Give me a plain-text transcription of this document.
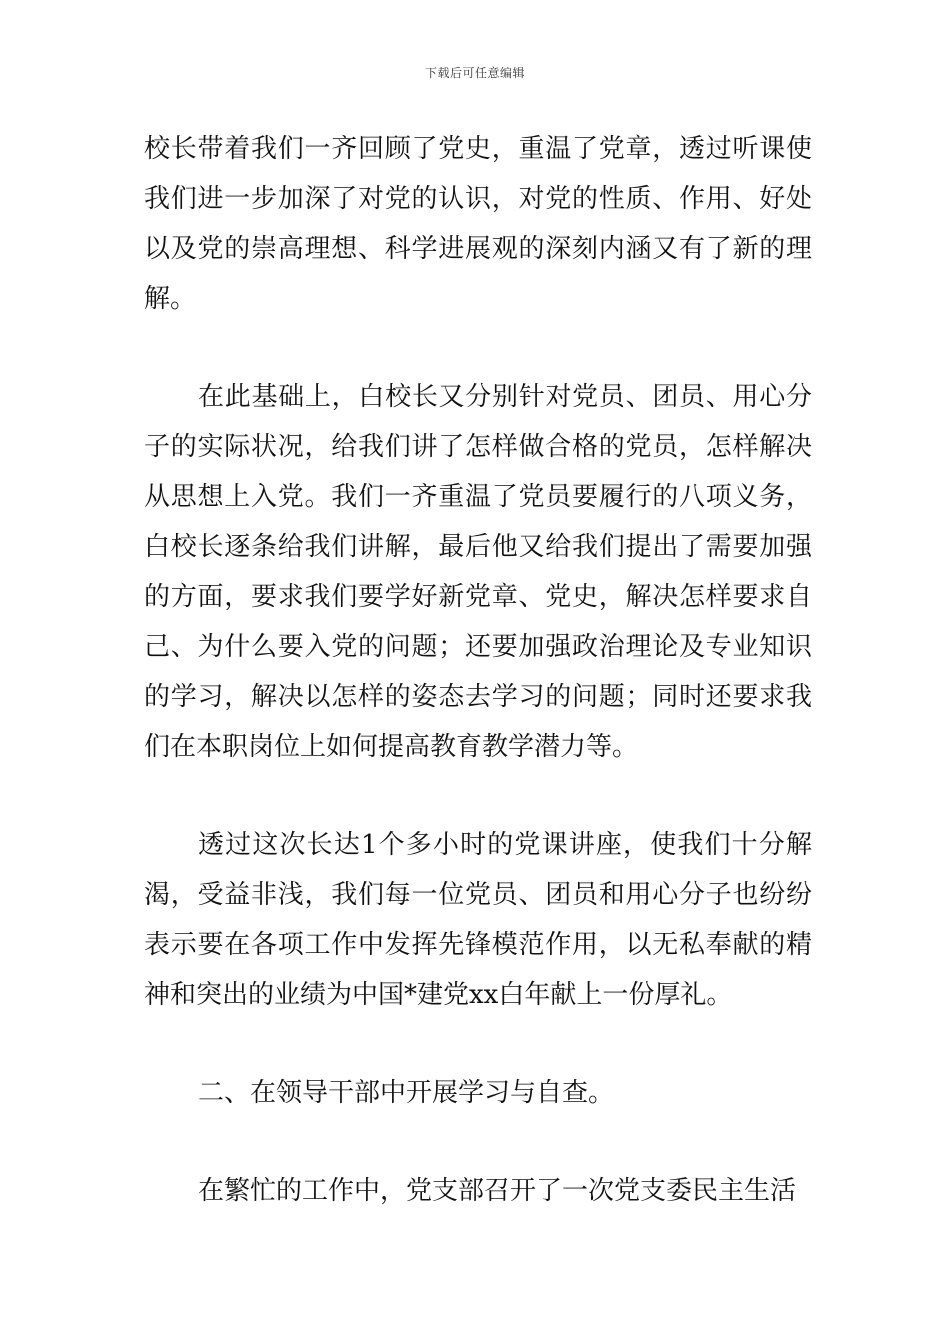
下载后可任意编辑

校长带着我们一齐回顾了党史，重温了党章，透过听课使我们进一步加深了对党的认识，对党的性质、作用、好处以及党的崇高理想、科学进展观的深刻内涵又有了新的理解。

在此基础上，白校长又分别针对党员、团员、用心分子的实际状况，给我们讲了怎样做合格的党员，怎样解决从思想上入党。我们一齐重温了党员要履行的八项义务，白校长逐条给我们讲解，最后他又给我们提出了需要加强的方面，要求我们要学好新党章、党史，解决怎样要求自己、为什么要入党的问题；还要加强政治理论及专业知识的学习，解决以怎样的姿态去学习的问题；同时还要求我们在本职岗位上如何提高教育教学潜力等。

透过这次长达1个多小时的党课讲座，使我们十分解渴，受益非浅，我们每一位党员、团员和用心分子也纷纷表示要在各项工作中发挥先锋模范作用，以无私奉献的精神和突出的业绩为中国*建党xx白年献上一份厚礼。

二、在领导干部中开展学习与自查。

在繁忙的工作中，党支部召开了一次党支委民主生活
